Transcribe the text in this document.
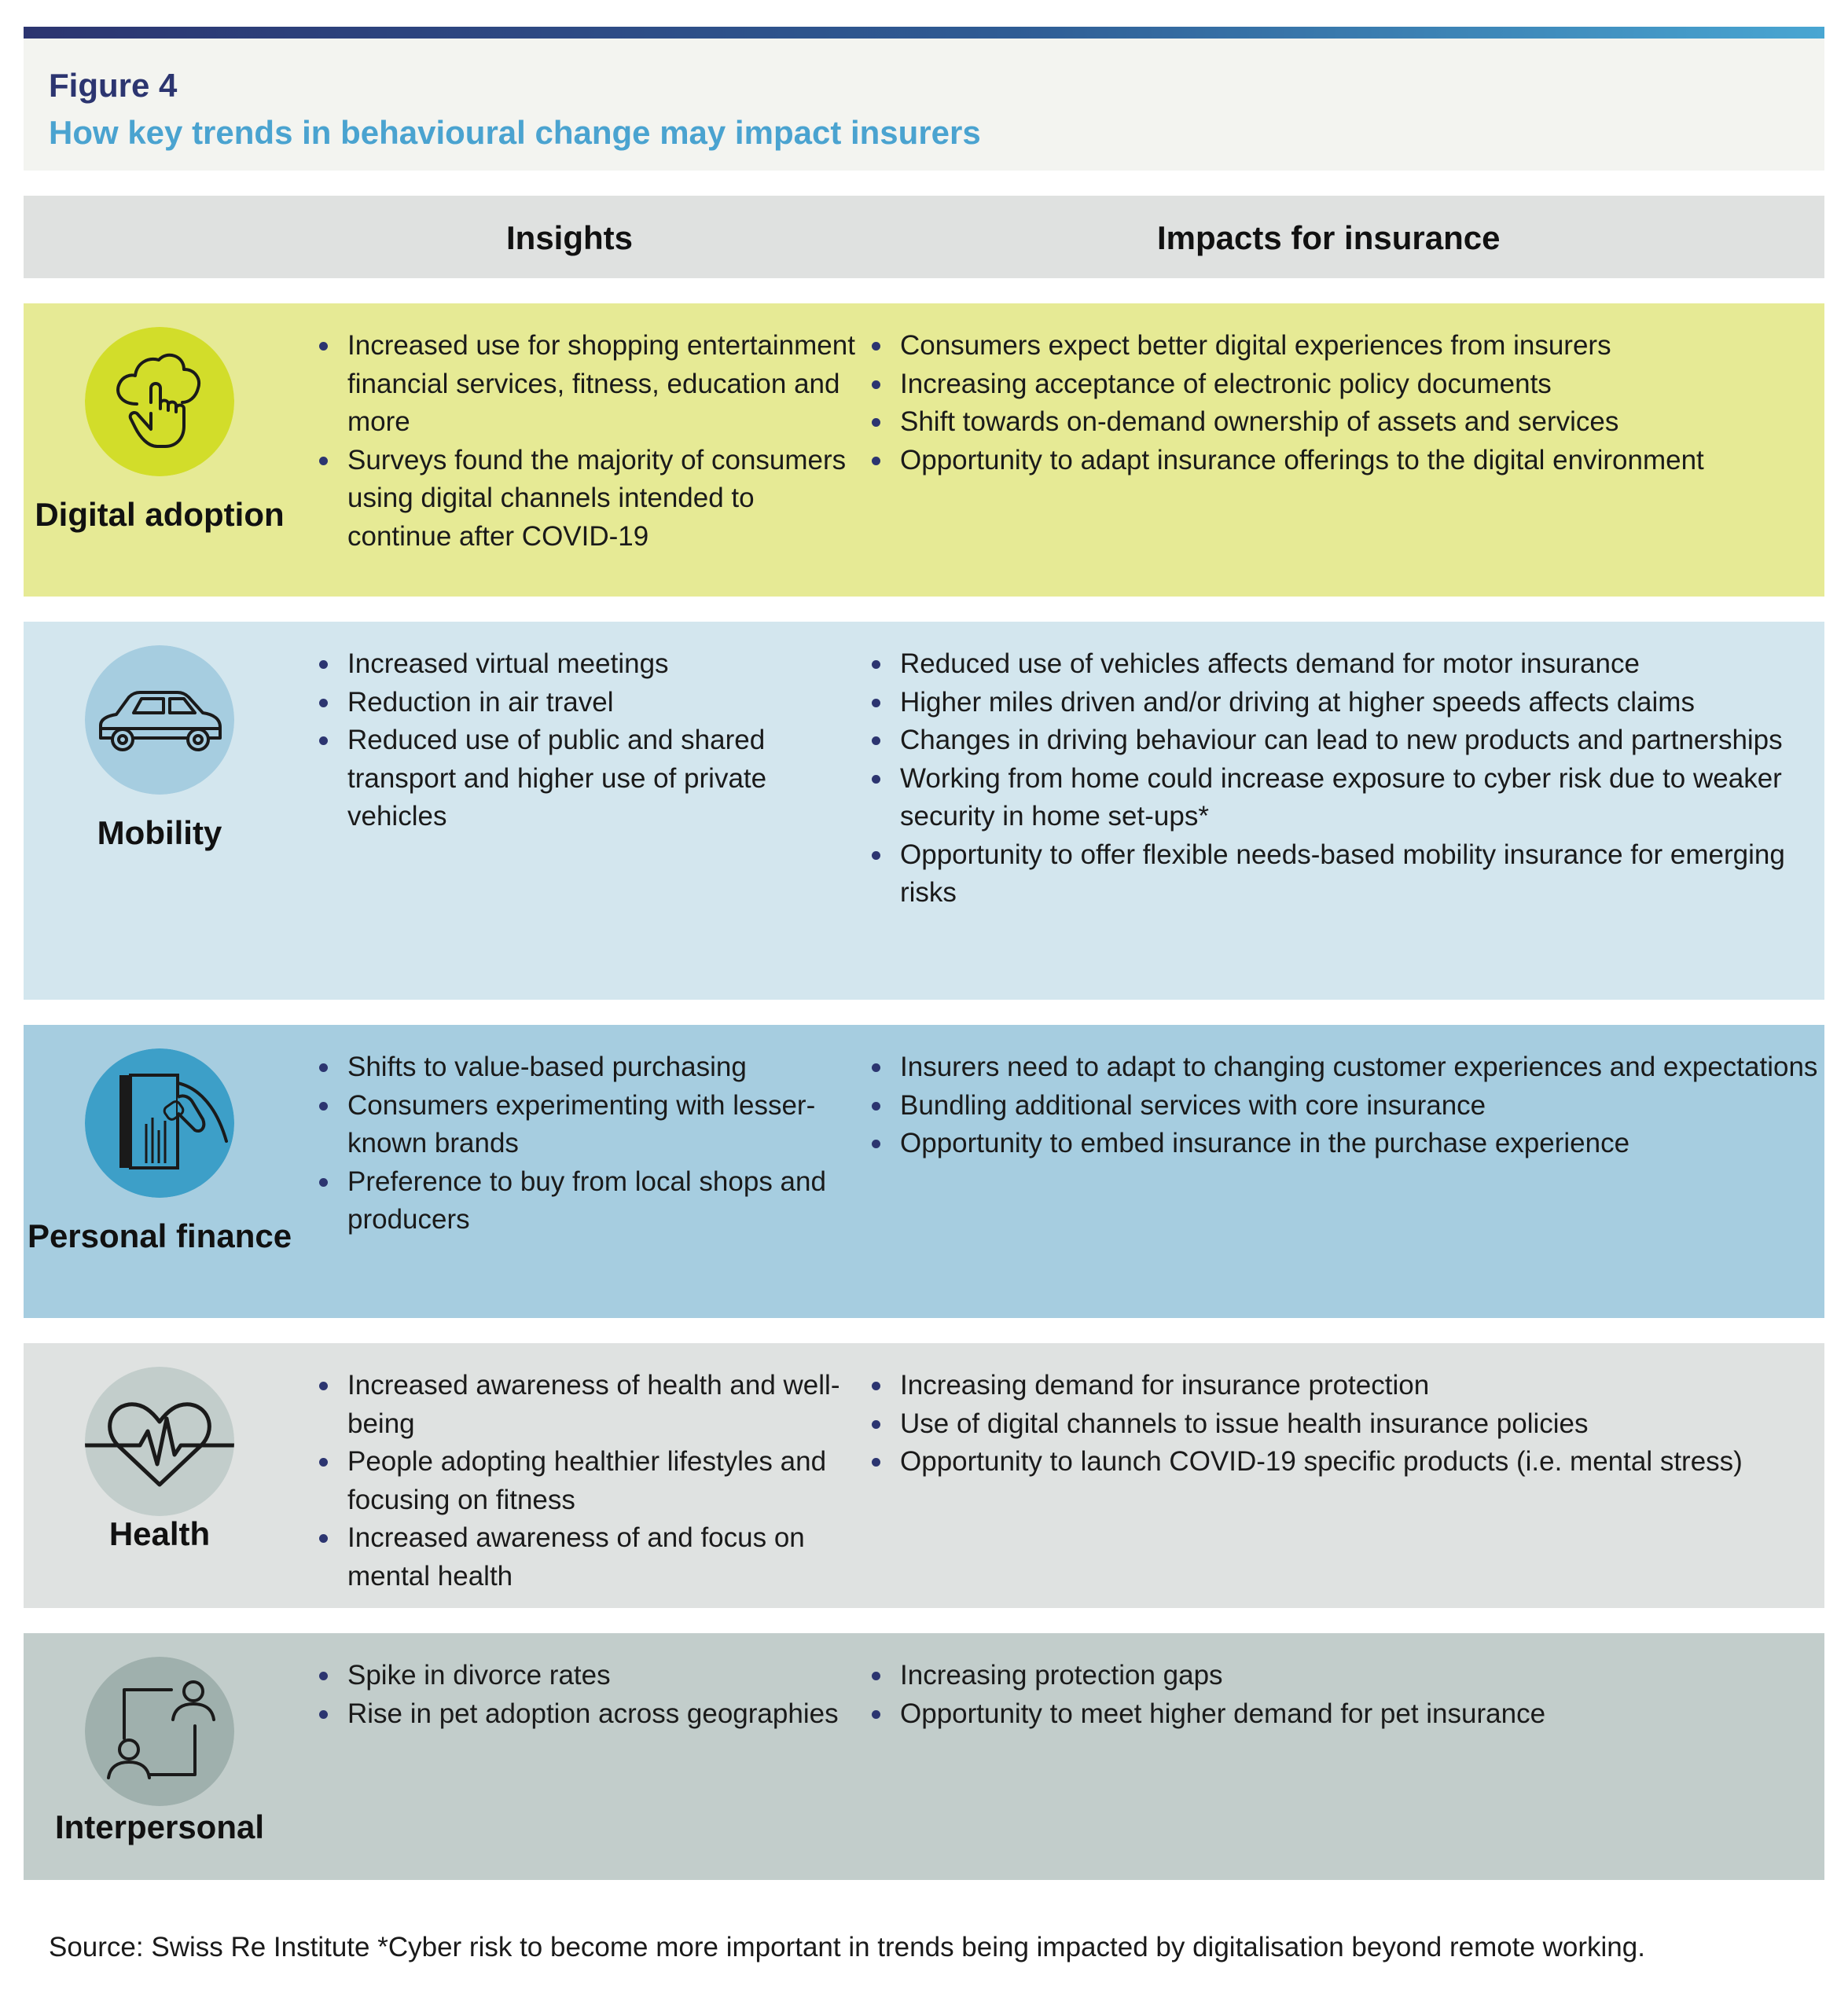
Figure 4
How key trends in behavioural change may impact insurers
Insights	Impacts for insurance
Digital adoption
Increased use for shopping entertainment financial services, fitness, education and more
Surveys found the majority of consumers using digital channels intended to continue after COVID-19
Consumers expect better digital experiences from insurers
Increasing acceptance of electronic policy documents
Shift towards on-demand ownership of assets and services
Opportunity to adapt insurance offerings to the digital environment
Mobility
Increased virtual meetings
Reduction in air travel
Reduced use of public and shared transport and higher use of private vehicles
Reduced use of vehicles affects demand for motor insurance
Higher miles driven and/or driving at higher speeds affects claims
Changes in driving behaviour can lead to new products and partnerships
Working from home could increase exposure to cyber risk due to weaker security in home set-ups*
Opportunity to offer flexible needs-based mobility insurance for emerging risks
Personal finance
Shifts to value-based purchasing
Consumers experimenting with lesser-known brands
Preference to buy from local shops and producers
Insurers need to adapt to changing customer experiences and expectations
Bundling additional services with core insurance
Opportunity to embed insurance in the purchase experience
Health
Increased awareness of health and well-being
People adopting healthier lifestyles and focusing on fitness
Increased awareness of and focus on mental health
Increasing demand for insurance protection
Use of digital channels to issue health insurance policies
Opportunity to launch COVID-19 specific products (i.e. mental stress)
Interpersonal
Spike in divorce rates
Rise in pet adoption across geographies
Increasing protection gaps
Opportunity to meet higher demand for pet insurance
Source: Swiss Re Institute *Cyber risk to become more important in trends being impacted by digitalisation beyond remote working.
